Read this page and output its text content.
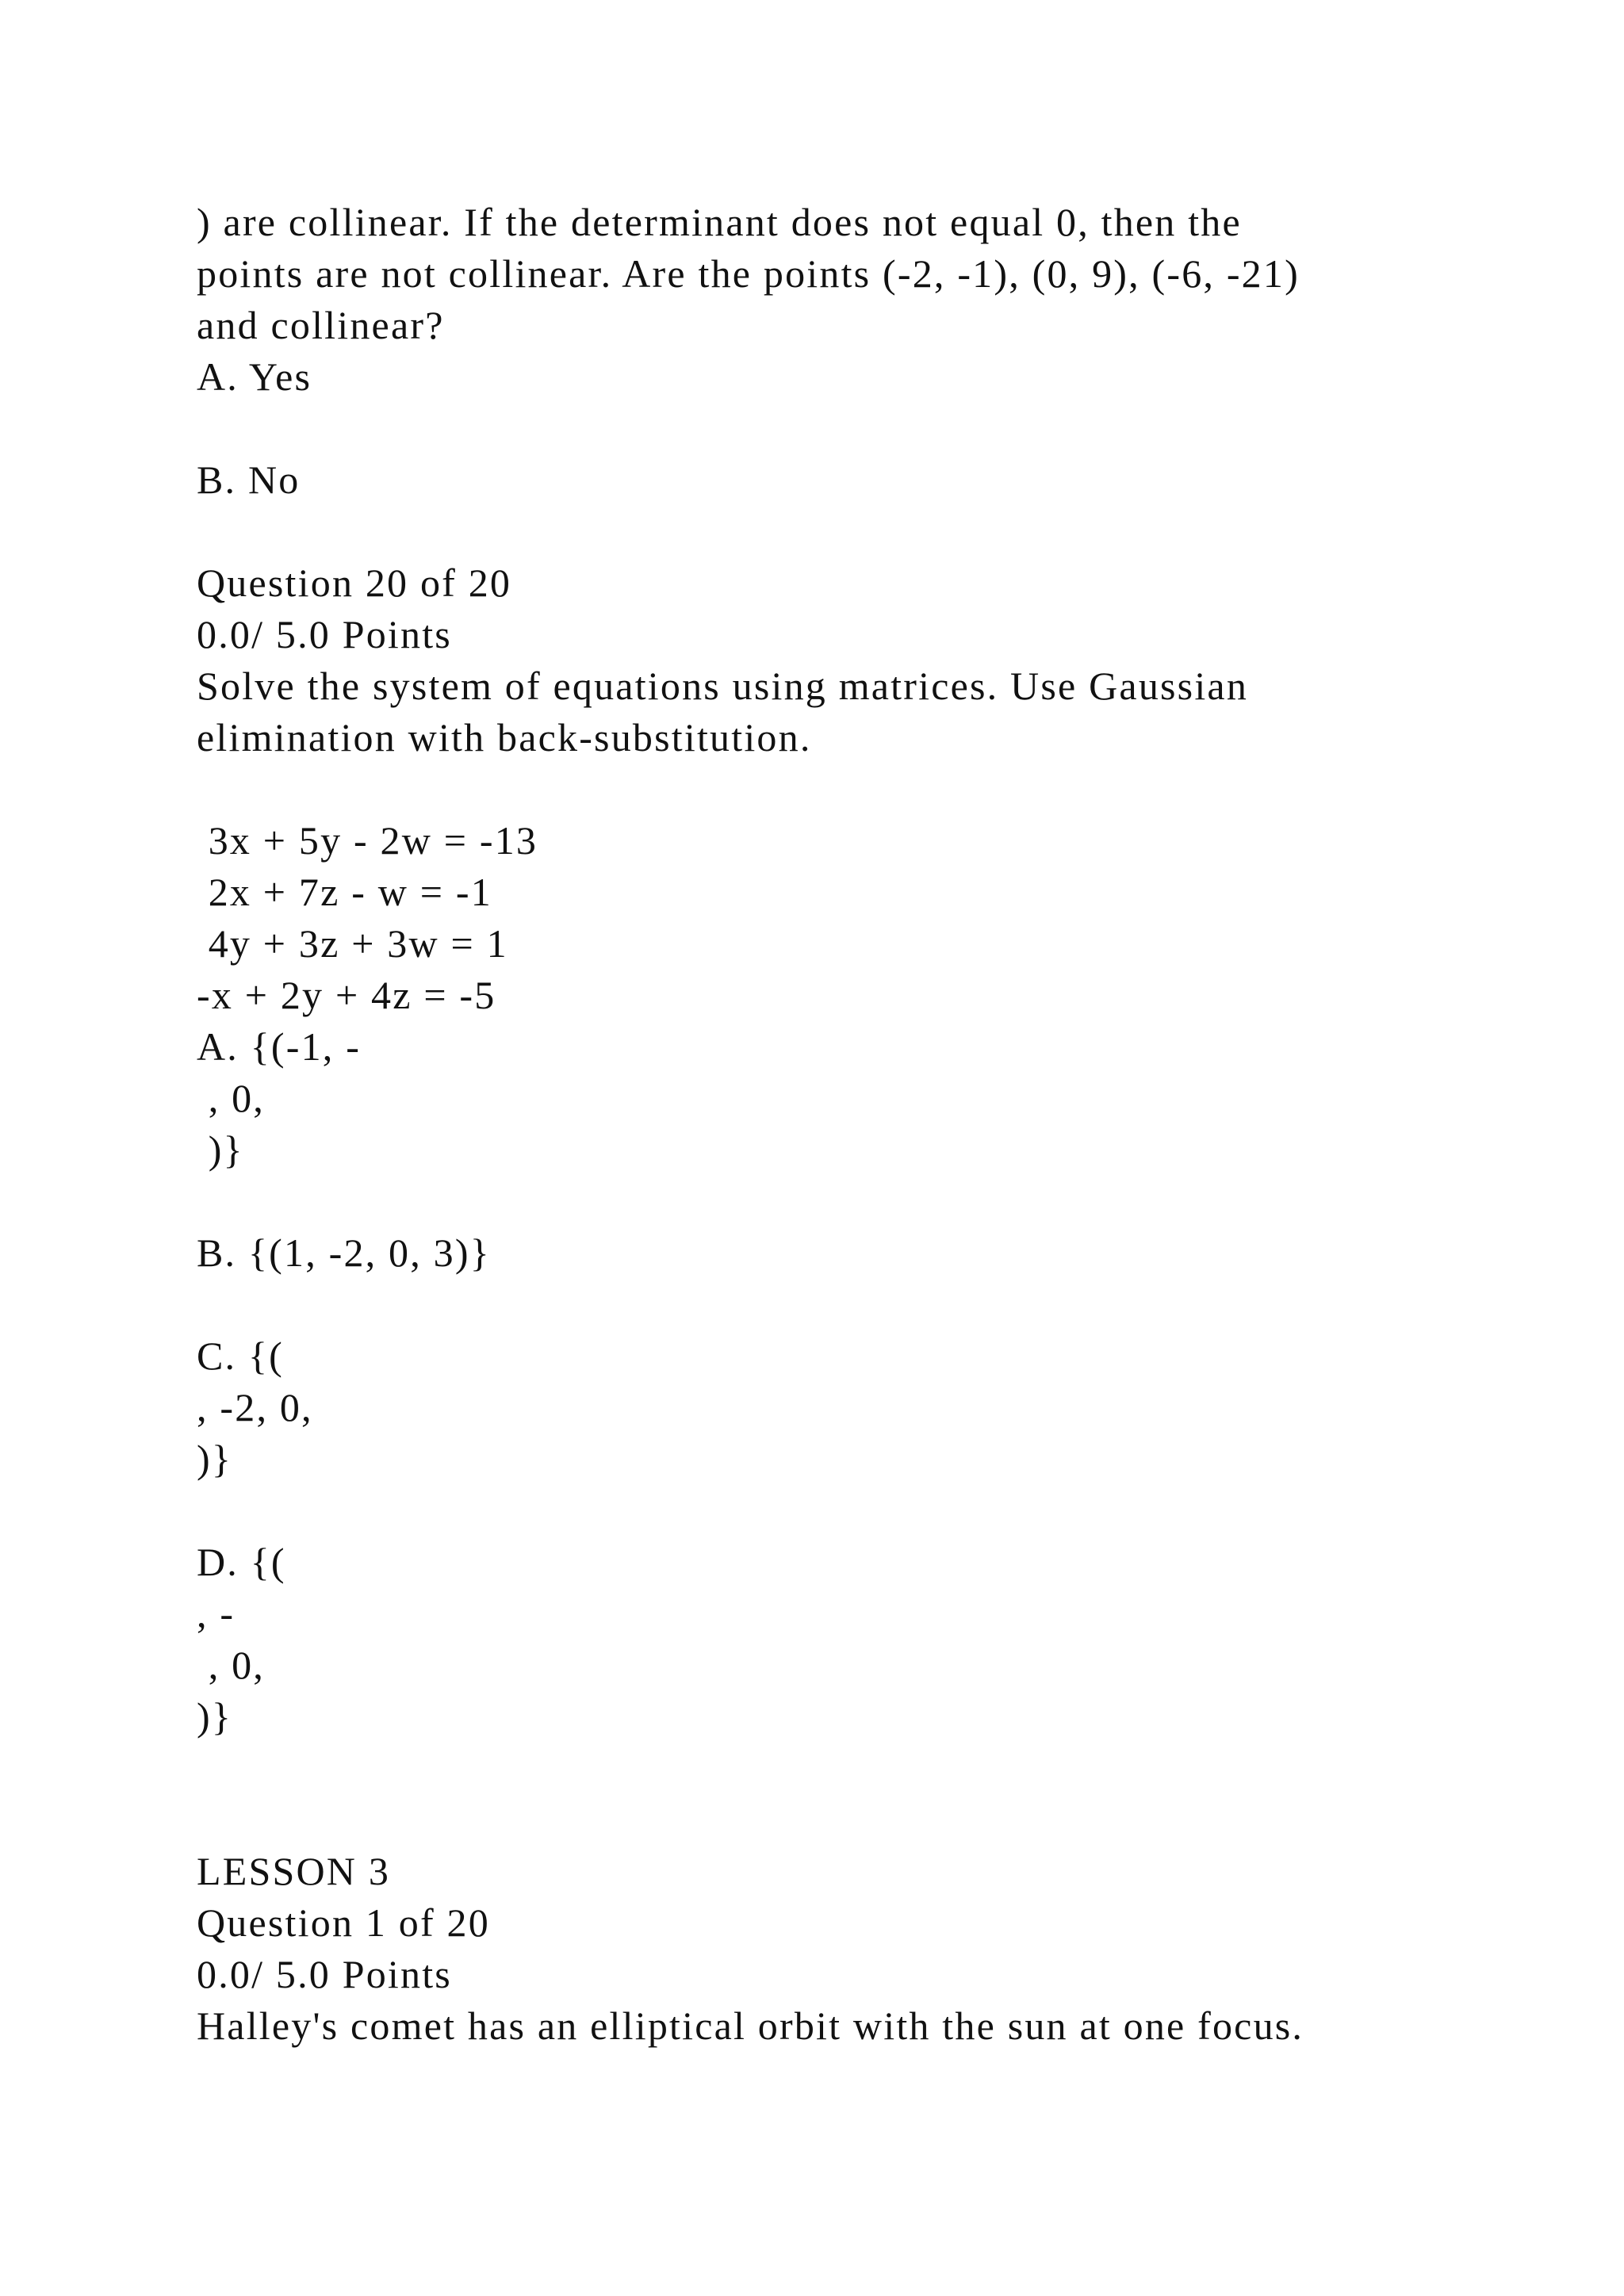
) are collinear. If the determinant does not equal 0, then the

points are not collinear. Are the points (-2, -1), (0, 9), (-6, -21)

and collinear?

A. Yes

B. No

Question 20 of 20

0.0/ 5.0 Points

Solve the system of equations using matrices. Use Gaussian

elimination with back-substitution.

3x + 5y - 2w = -13

2x + 7z - w = -1

4y + 3z + 3w = 1

-x + 2y + 4z = -5

A. {(-1, -

, 0,

)}

B. {(1, -2, 0, 3)}

C. {(

, -2, 0,

)}

D. {(

, -

, 0,

)}

LESSON 3

Question 1 of 20

0.0/ 5.0 Points

Halley's comet has an elliptical orbit with the sun at one focus.
